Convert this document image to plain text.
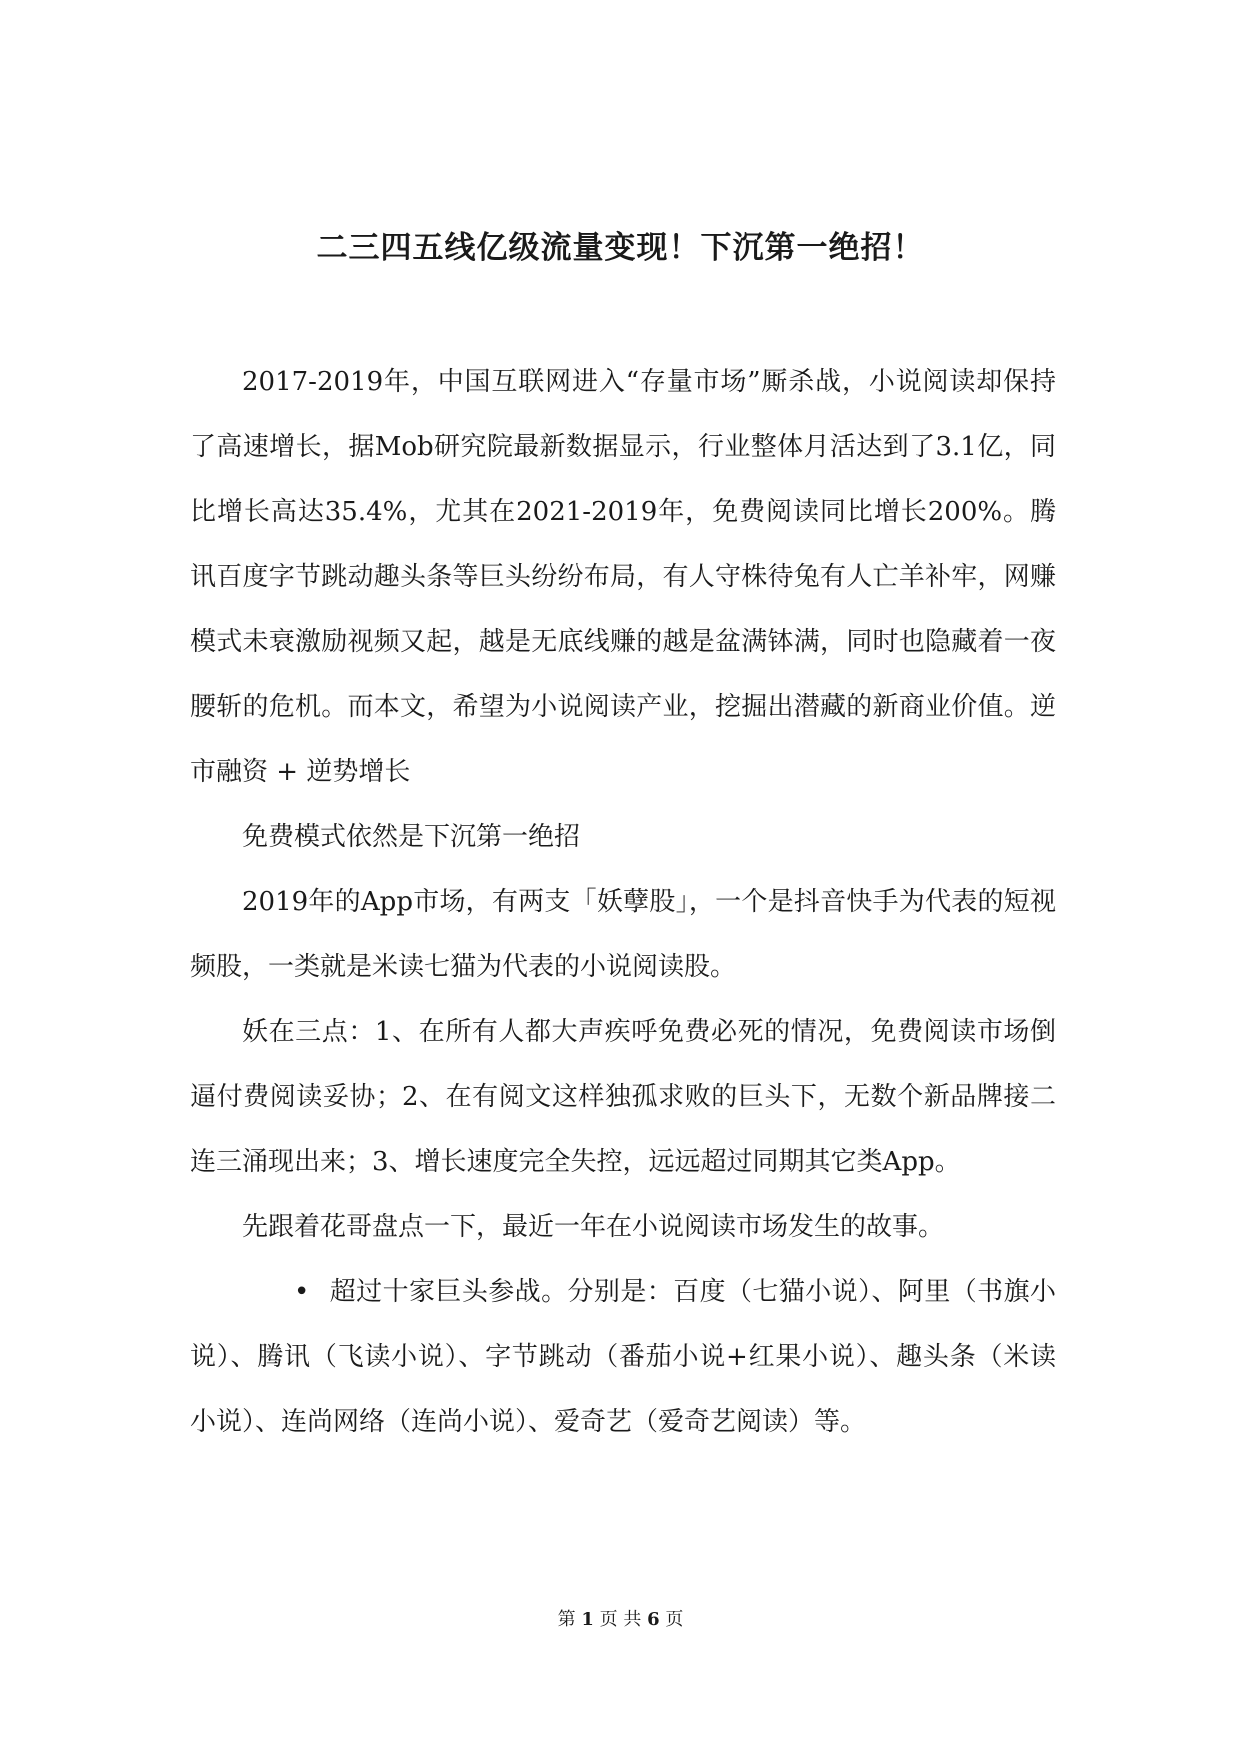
二三四五线亿级流量变现！下沉第一绝招！

2017-2019年，中国互联网进入“存量市场”厮杀战，小说阅读却保持了高速增长，据Mob研究院最新数据显示，行业整体月活达到了3.1亿，同比增长高达35.4%，尤其在2021-2019年，免费阅读同比增长200%。腾讯百度字节跳动趣头条等巨头纷纷布局，有人守株待兔有人亡羊补牢，网赚模式未衰激励视频又起，越是无底线赚的越是盆满钵满，同时也隐藏着一夜腰斩的危机。而本文，希望为小说阅读产业，挖掘出潜藏的新商业价值。逆市融资 + 逆势增长

免费模式依然是下沉第一绝招

2019年的App市场，有两支「妖孽股」，一个是抖音快手为代表的短视频股，一类就是米读七猫为代表的小说阅读股。

妖在三点：1、在所有人都大声疾呼免费必死的情况，免费阅读市场倒逼付费阅读妥协；2、在有阅文这样独孤求败的巨头下，无数个新品牌接二连三涌现出来；3、增长速度完全失控，远远超过同期其它类App。

先跟着花哥盘点一下，最近一年在小说阅读市场发生的故事。

• 超过十家巨头参战。分别是：百度（七猫小说）、阿里（书旗小说）、腾讯（飞读小说）、字节跳动（番茄小说+红果小说）、趣头条（米读小说）、连尚网络（连尚小说）、爱奇艺（爱奇艺阅读）等。

第 1 页 共 6 页
